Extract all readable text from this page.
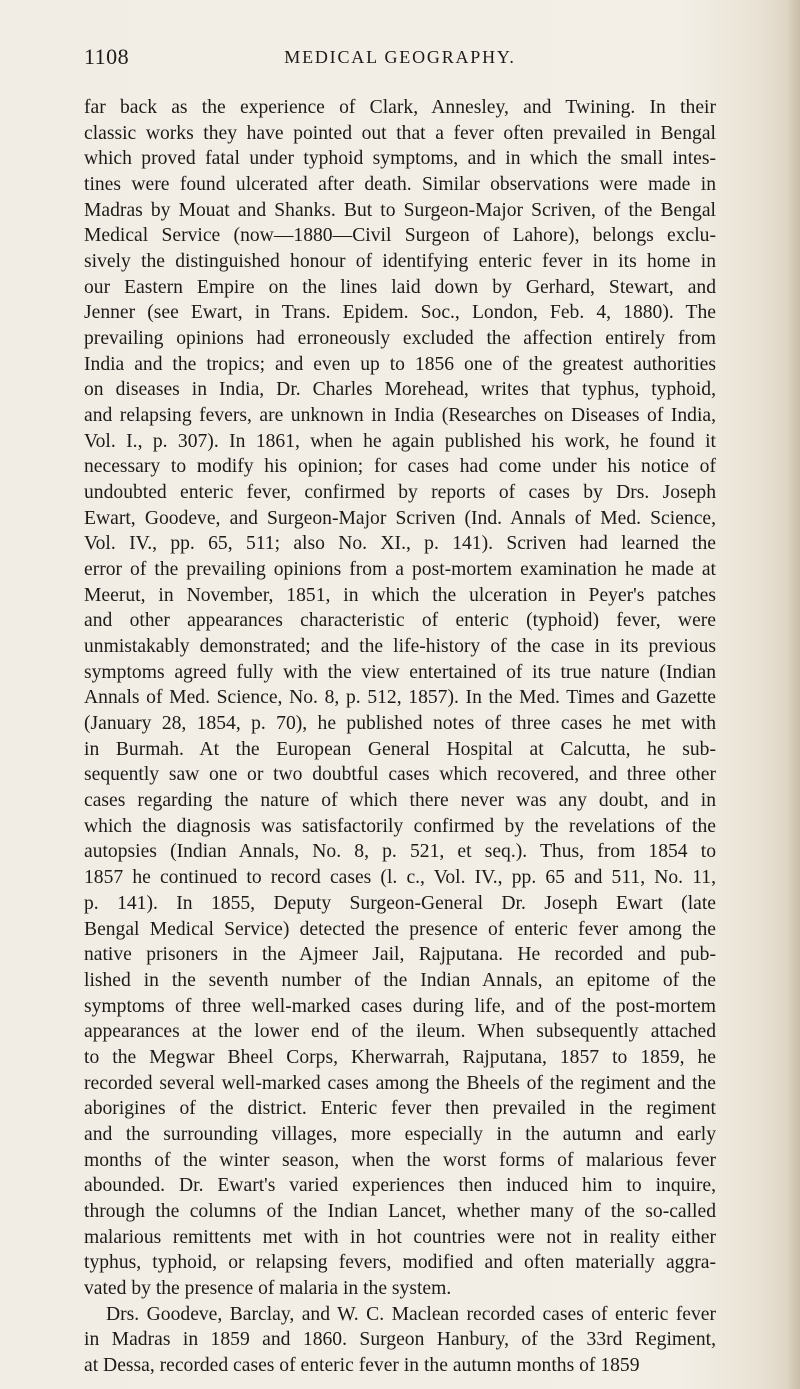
1108	MEDICAL GEOGRAPHY.
far back as the experience of Clark, Annesley, and Twining. In their
classic works they have pointed out that a fever often prevailed in Bengal
which proved fatal under typhoid symptoms, and in which the small intes-
tines were found ulcerated after death. Similar observations were made in
Madras by Mouat and Shanks. But to Surgeon-Major Scriven, of the Bengal
Medical Service (now—1880—Civil Surgeon of Lahore), belongs exclu-
sively the distinguished honour of identifying enteric fever in its home in
our Eastern Empire on the lines laid down by Gerhard, Stewart, and
Jenner (see Ewart, in Trans. Epidem. Soc., London, Feb. 4, 1880). The
prevailing opinions had erroneously excluded the affection entirely from
India and the tropics; and even up to 1856 one of the greatest authorities
on diseases in India, Dr. Charles Morehead, writes that typhus, typhoid,
and relapsing fevers, are unknown in India (Researches on Diseases of India,
Vol. I., p. 307). In 1861, when he again published his work, he found it
necessary to modify his opinion; for cases had come under his notice of
undoubted enteric fever, confirmed by reports of cases by Drs. Joseph
Ewart, Goodeve, and Surgeon-Major Scriven (Ind. Annals of Med. Science,
Vol. IV., pp. 65, 511; also No. XI., p. 141). Scriven had learned the
error of the prevailing opinions from a post-mortem examination he made at
Meerut, in November, 1851, in which the ulceration in Peyer's patches
and other appearances characteristic of enteric (typhoid) fever, were
unmistakably demonstrated; and the life-history of the case in its previous
symptoms agreed fully with the view entertained of its true nature (Indian
Annals of Med. Science, No. 8, p. 512, 1857). In the Med. Times and Gazette
(January 28, 1854, p. 70), he published notes of three cases he met with
in Burmah. At the European General Hospital at Calcutta, he sub-
sequently saw one or two doubtful cases which recovered, and three other
cases regarding the nature of which there never was any doubt, and in
which the diagnosis was satisfactorily confirmed by the revelations of the
autopsies (Indian Annals, No. 8, p. 521, et seq.). Thus, from 1854 to
1857 he continued to record cases (l. c., Vol. IV., pp. 65 and 511, No. 11,
p. 141). In 1855, Deputy Surgeon-General Dr. Joseph Ewart (late
Bengal Medical Service) detected the presence of enteric fever among the
native prisoners in the Ajmeer Jail, Rajputana. He recorded and pub-
lished in the seventh number of the Indian Annals, an epitome of the
symptoms of three well-marked cases during life, and of the post-mortem
appearances at the lower end of the ileum. When subsequently attached
to the Megwar Bheel Corps, Kherwarrah, Rajputana, 1857 to 1859, he
recorded several well-marked cases among the Bheels of the regiment and the
aborigines of the district. Enteric fever then prevailed in the regiment
and the surrounding villages, more especially in the autumn and early
months of the winter season, when the worst forms of malarious fever
abounded. Dr. Ewart's varied experiences then induced him to inquire,
through the columns of the Indian Lancet, whether many of the so-called
malarious remittents met with in hot countries were not in reality either
typhus, typhoid, or relapsing fevers, modified and often materially aggra-
vated by the presence of malaria in the system.
Drs. Goodeve, Barclay, and W. C. Maclean recorded cases of enteric fever
in Madras in 1859 and 1860. Surgeon Hanbury, of the 33rd Regiment,
at Dessa, recorded cases of enteric fever in the autumn months of 1859
